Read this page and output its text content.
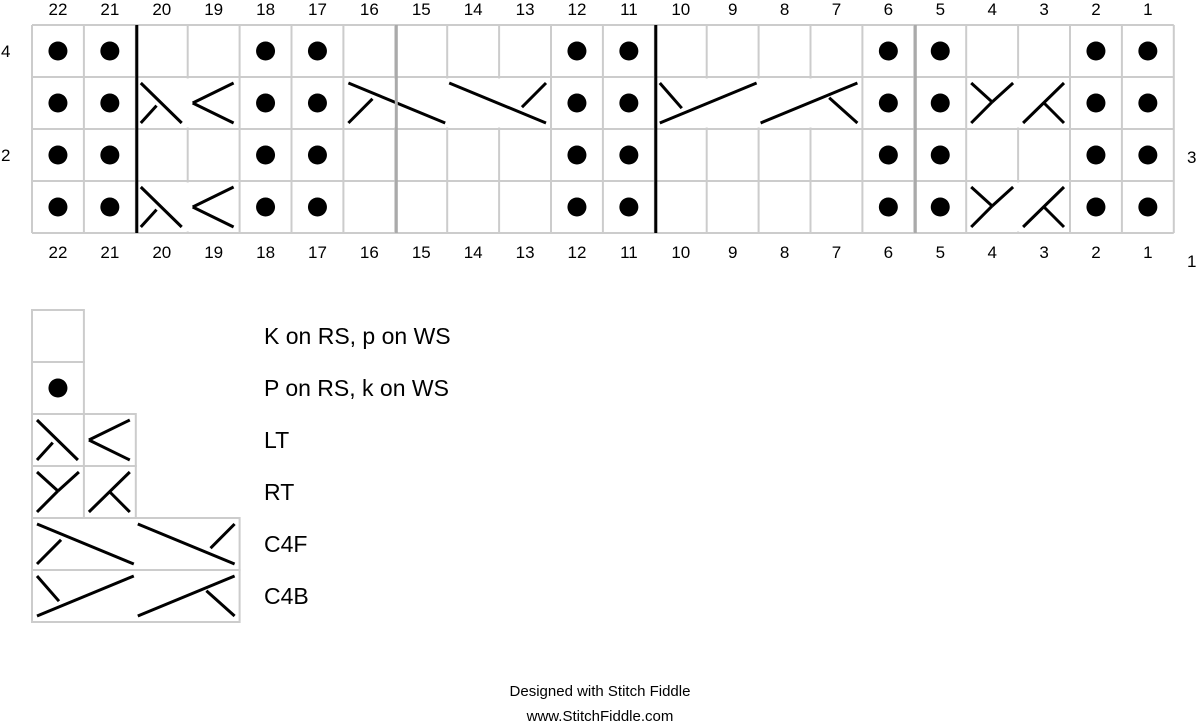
22
22
21
21
20
20
19
19
18
18
17
17
16
16
15
15
14
14
13
13
12
12
11
11
10
10
9
9
8
8
7
7
6
6
5
5
4
4
3
3
2
2
1
1
4
2	3
1
K on RS, p on WS
P on RS, k on WS
LT
RT
C4F
C4B
Designed with Stitch Fiddle
www.StitchFiddle.com
